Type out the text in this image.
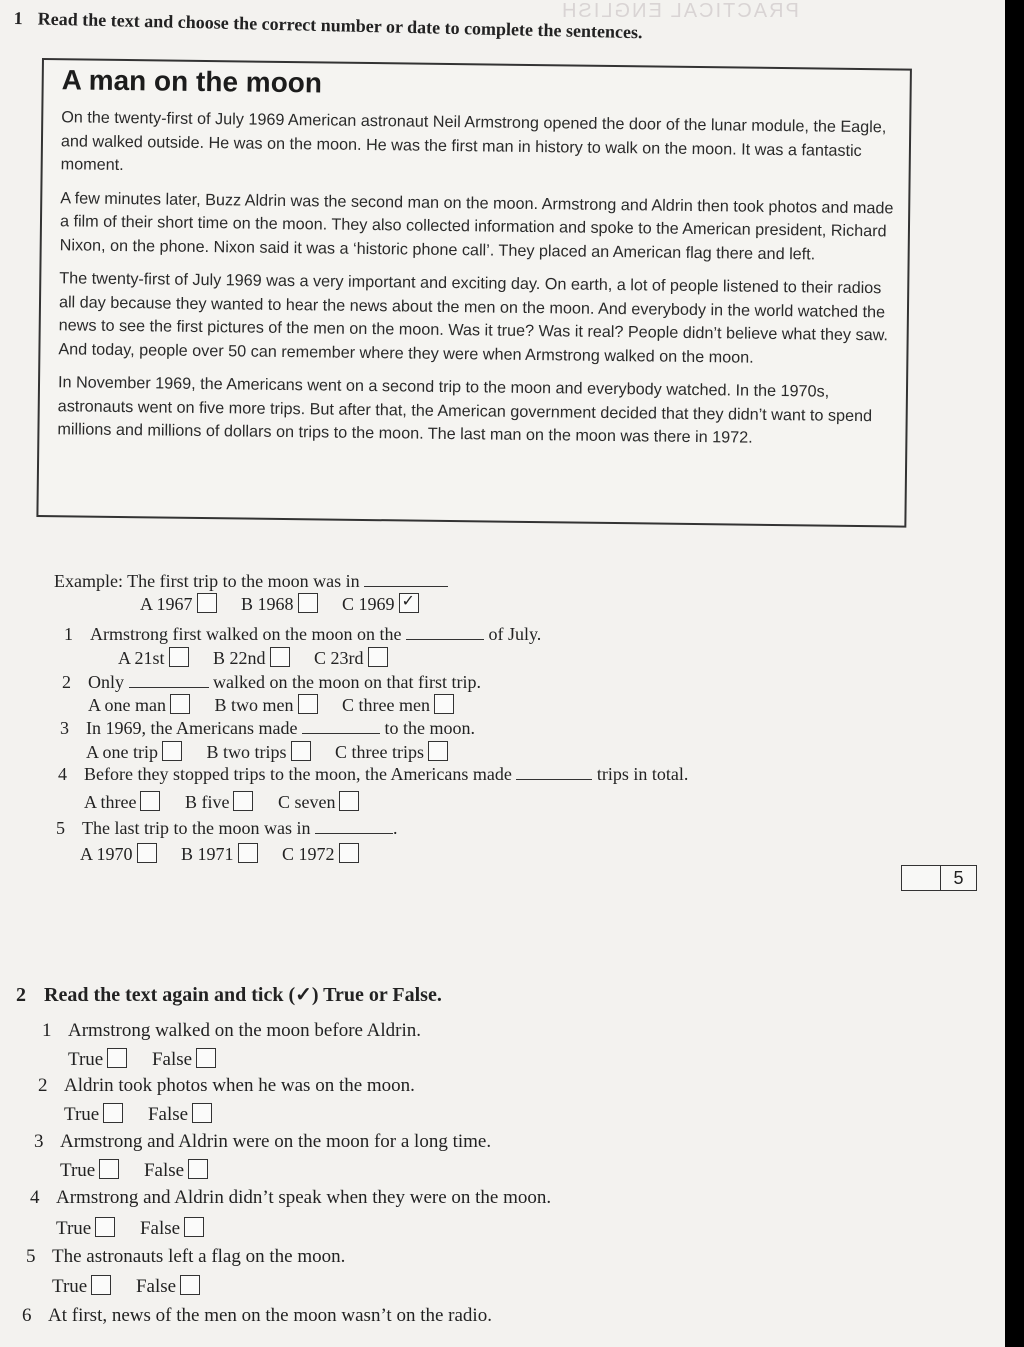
PRACTICAL ENGLISH
1 Read the text and choose the correct number or date to complete the sentences.
A man on the moon

On the twenty-first of July 1969 American astronaut Neil Armstrong opened the door of the lunar module, the Eagle, and walked outside. He was on the moon. He was the first man in history to walk on the moon. It was a fantastic moment.

A few minutes later, Buzz Aldrin was the second man on the moon. Armstrong and Aldrin then took photos and made a film of their short time on the moon. They also collected information and spoke to the American president, Richard Nixon, on the phone. Nixon said it was a ‘historic phone call’. They placed an American flag there and left.

The twenty-first of July 1969 was a very important and exciting day. On earth, a lot of people listened to their radios all day because they wanted to hear the news about the men on the moon. And everybody in the world watched the news to see the first pictures of the men on the moon. Was it true? Was it real? People didn’t believe what they saw. And today, people over 50 can remember where they were when Armstrong walked on the moon.

In November 1969, the Americans went on a second trip to the moon and everybody watched. In the 1970s, astronauts went on five more trips. But after that, the American government decided that they didn’t want to spend millions and millions of dollars on trips to the moon. The last man on the moon was there in 1972.

Example: The first trip to the moon was in
A 1967	B 1968	C 1969✓
1 Armstrong first walked on the moon on the	of July.
A 21st	B 22nd	C 23rd
2 Only	walked on the moon on that first trip.
A one man	B two men	C three men
3 In 1969, the Americans made	to the moon.
A one trip	B two trips	C three trips
4 Before they stopped trips to the moon, the Americans made	trips in total.
A three	B five	C seven
5 The last trip to the moon was in	.
A 1970	B 1971	C 1972
5
2 Read the text again and tick (✓) True or False.
1 Armstrong walked on the moon before Aldrin.
True	False
2 Aldrin took photos when he was on the moon.
True	False
3 Armstrong and Aldrin were on the moon for a long time.
True	False
4 Armstrong and Aldrin didn’t speak when they were on the moon.
True	False
5 The astronauts left a flag on the moon.
True	False
6 At first, news of the men on the moon wasn’t on the radio.
